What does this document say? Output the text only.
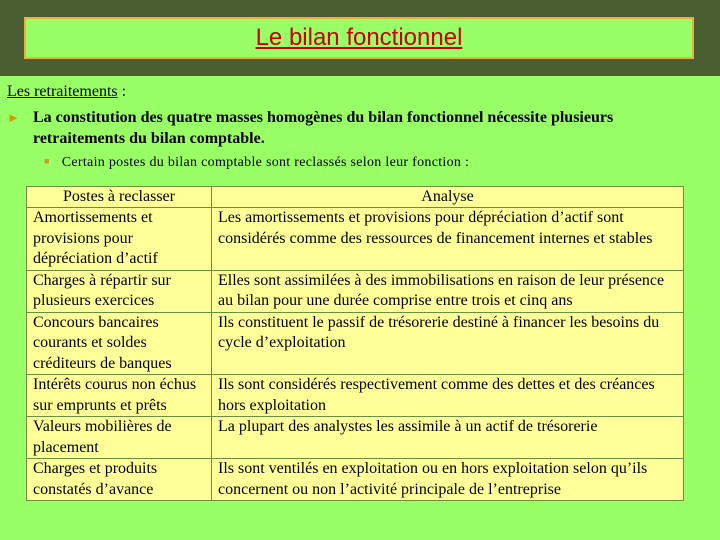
Le bilan fonctionnel
Les retraitements :
► La constitution des quatre masses homogènes du bilan fonctionnel nécessite plusieurs retraitements du bilan comptable.
■ Certain postes du bilan comptable sont reclassés selon leur fonction :
Postes à reclasser	Analyse
Amortissements et provisions pour dépréciation d’actif	Les amortissements et provisions pour dépréciation d’actif sont considérés comme des ressources de financement internes et stables
Charges à répartir sur plusieurs exercices	Elles sont assimilées à des immobilisations en raison de leur présence au bilan pour une durée comprise entre trois et cinq ans
Concours bancaires courants et soldes créditeurs de banques	Ils constituent le passif de trésorerie destiné à financer les besoins du cycle d’exploitation
Intérêts courus non échus sur emprunts et prêts	Ils sont considérés respectivement comme des dettes et des créances hors exploitation
Valeurs mobilières de placement	La plupart des analystes les assimile à un actif de trésorerie
Charges et produits constatés d’avance	Ils sont ventilés en exploitation ou en hors exploitation selon qu’ils concernent ou non l’activité principale de l’entreprise
